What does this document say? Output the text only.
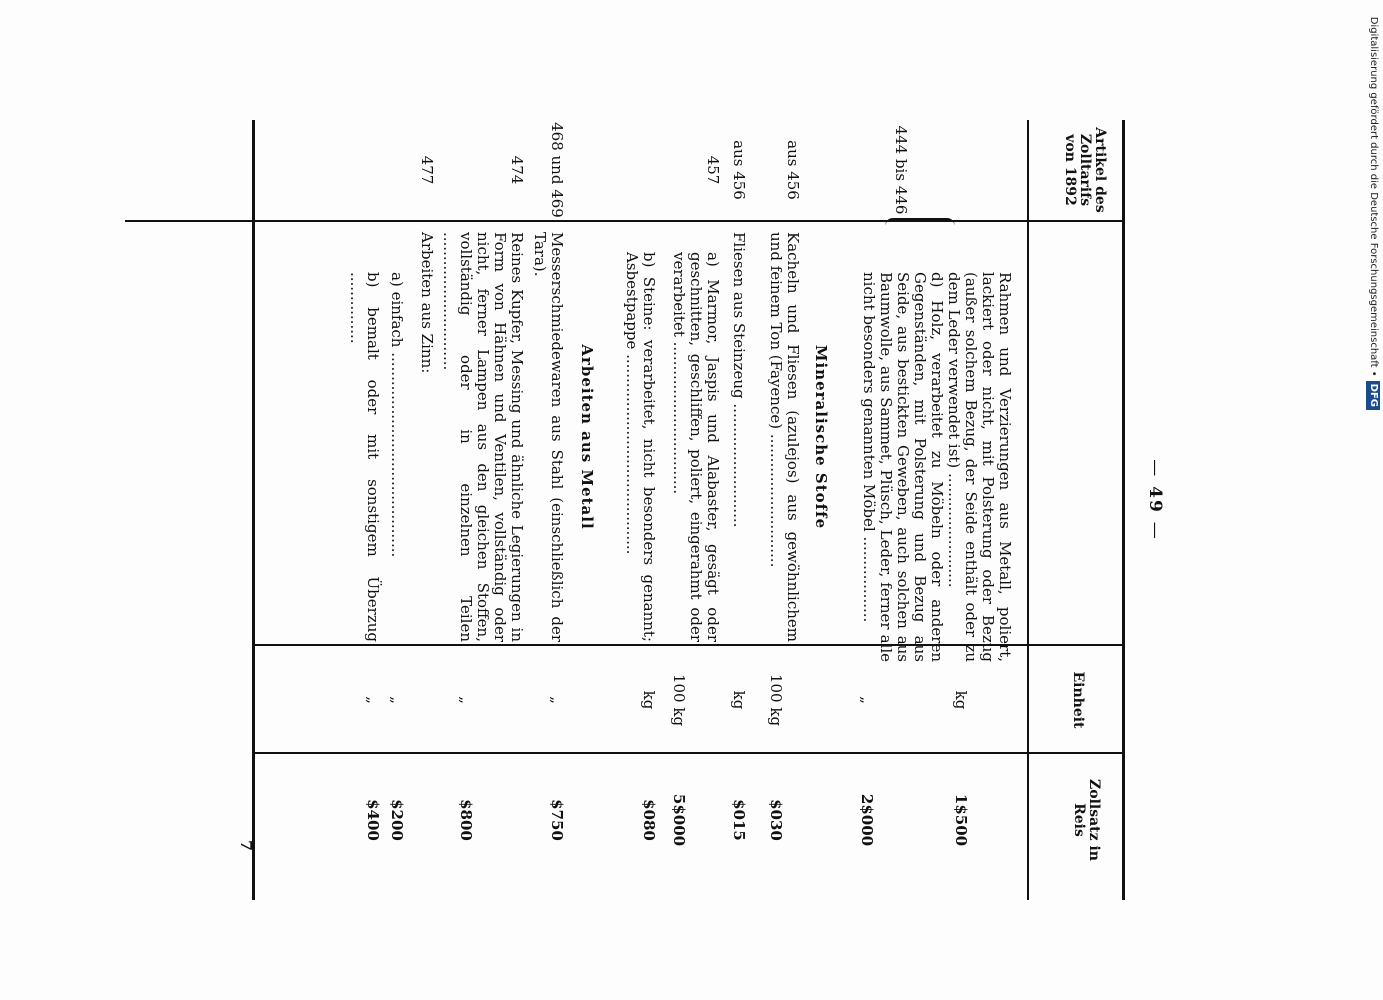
— 49 —
Artikel des Zolltarifs von 1892
Einheit
Zollsatz in Reis
Rahmen und Verzierungen aus Metall, poliert, lackiert oder nicht, mit Polsterung oder Bezug (außer solchem Bezug, der Seide enthält oder zu dem Leder verwendet ist) ........................
kg
1$500
444 bis 446
d) Holz, verarbeitet zu Möbeln oder anderen Gegenständen, mit Polsterung und Bezug aus Seide, aus bestickten Geweben, auch solchen aus Baumwolle, aus Sammet, Plüsch, Leder, ferner alle nicht besonders genannten Möbel ..................
„
2$000
Mineralische Stoffe
aus 456
Kacheln und Fliesen (azulejos) aus gewöhnlichem und feinem Ton (Fayence) ............................
100 kg
$030
aus 456
Fliesen aus Steinzeug ..........................
kg
$015
457
a) Marmor, Jaspis und Alabaster, gesägt oder geschnitten, geschliffen, poliert, eingerahmt oder verarbeitet ................................
100 kg
5$000
b) Steine: verarbeitet, nicht besonders genannt; Asbestpappe ..........................................
kg
$080
Arbeiten aus Metall
468 und 469
Messerschmiedewaren aus Stahl (einschließlich der Tara).
„
$750
474
Reines Kupfer, Messing und ähnliche Legierungen in Form von Hähnen und Ventilen, vollständig oder nicht, ferner Lampen aus den gleichen Stoffen, vollständig oder in einzelnen Teilen .............................
„
$800
477
Arbeiten aus Zinn:
a) einfach ...........................................
„
$200
b) bemalt oder mit sonstigem Überzug ...............
„
$400
7
Digitalisierung gefördert durch die Deutsche Forschungsgemeinschaft •DFG
